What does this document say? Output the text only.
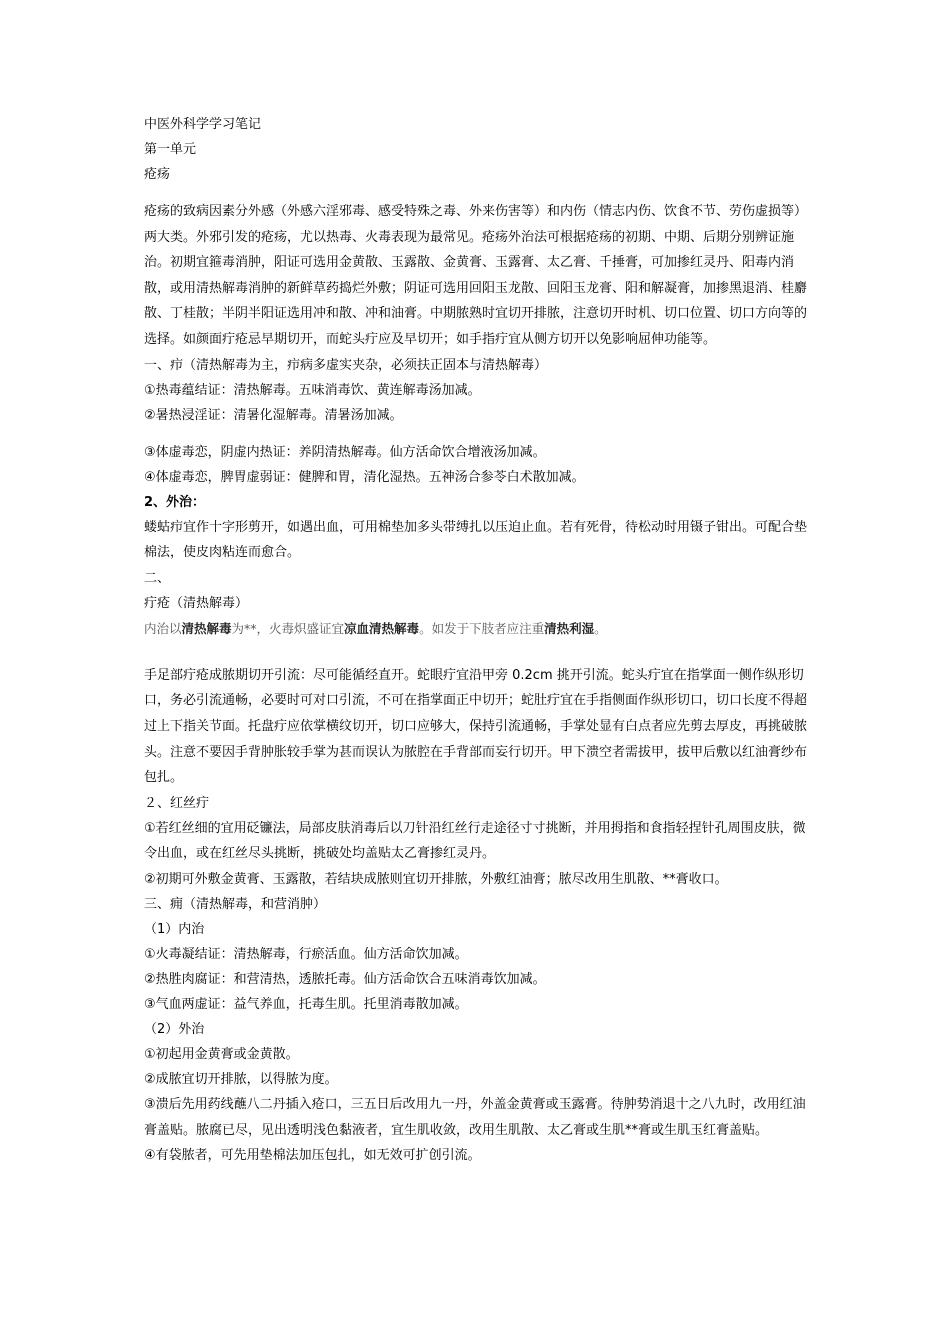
中医外科学学习笔记
第一单元
疮疡
疮疡的致病因素分外感（外感六淫邪毒、感受特殊之毒、外来伤害等）和内伤（情志内伤、饮食不节、劳伤虚损等）两大类。外邪引发的疮疡，尤以热毒、火毒表现为最常见。疮疡外治法可根据疮疡的初期、中期、后期分别辨证施治。初期宜箍毒消肿，阳证可选用金黄散、玉露散、金黄膏、玉露膏、太乙膏、千捶膏，可加掺红灵丹、阳毒内消散，或用清热解毒消肿的新鲜草药捣烂外敷；阴证可选用回阳玉龙散、回阳玉龙膏、阳和解凝膏，加掺黑退消、桂麝散、丁桂散；半阴半阳证选用冲和散、冲和油膏。中期脓熟时宜切开排脓，注意切开时机、切口位置、切口方向等的选择。如颜面疔疮忌早期切开，而蛇头疔应及早切开；如手指疔宜从侧方切开以免影响屈伸功能等。
一、疖（清热解毒为主，疖病多虚实夹杂，必须扶正固本与清热解毒）
①热毒蕴结证：清热解毒。五味消毒饮、黄连解毒汤加减。
②暑热浸淫证：清暑化湿解毒。清暑汤加减。
③体虚毒恋，阴虚内热证：养阴清热解毒。仙方活命饮合增液汤加减。
④体虚毒恋，脾胃虚弱证：健脾和胃，清化湿热。五神汤合参苓白术散加减。
2、外治：
蝼蛄疖宜作十字形剪开，如遇出血，可用棉垫加多头带缚扎以压迫止血。若有死骨，待松动时用镊子钳出。可配合垫棉法，使皮肉粘连而愈合。
二、
疔疮（清热解毒）
内治以清热解毒为**，火毒炽盛证宜凉血清热解毒。如发于下肢者应注重清热利湿。
手足部疔疮成脓期切开引流：尽可能循经直开。蛇眼疔宜沿甲旁 0.2cm 挑开引流。蛇头疔宜在指掌面一侧作纵形切口，务必引流通畅，必要时可对口引流，不可在指掌面正中切开；蛇肚疔宜在手指侧面作纵形切口，切口长度不得超过上下指关节面。托盘疔应依掌横纹切开，切口应够大，保持引流通畅，手掌处显有白点者应先剪去厚皮，再挑破脓头。注意不要因手背肿胀较手掌为甚而误认为脓腔在手背部而妄行切开。甲下溃空者需拔甲，拔甲后敷以红油膏纱布包扎。
２、红丝疔
①若红丝细的宜用砭镰法，局部皮肤消毒后以刀针沿红丝行走途径寸寸挑断，并用拇指和食指轻捏针孔周围皮肤，微令出血，或在红丝尽头挑断，挑破处均盖贴太乙膏掺红灵丹。
②初期可外敷金黄膏、玉露散，若结块成脓则宜切开排脓，外敷红油膏；脓尽改用生肌散、**膏收口。
三、痈（清热解毒，和营消肿）
（1）内治
①火毒凝结证：清热解毒，行瘀活血。仙方活命饮加减。
②热胜肉腐证：和营清热，透脓托毒。仙方活命饮合五味消毒饮加减。
③气血两虚证：益气养血，托毒生肌。托里消毒散加减。
（2）外治
①初起用金黄膏或金黄散。
②成脓宜切开排脓，以得脓为度。
③溃后先用药线蘸八二丹插入疮口，三五日后改用九一丹，外盖金黄膏或玉露膏。待肿势消退十之八九时，改用红油膏盖贴。脓腐已尽，见出透明浅色黏液者，宜生肌收敛，改用生肌散、太乙膏或生肌**膏或生肌玉红膏盖贴。
④有袋脓者，可先用垫棉法加压包扎，如无效可扩创引流。
